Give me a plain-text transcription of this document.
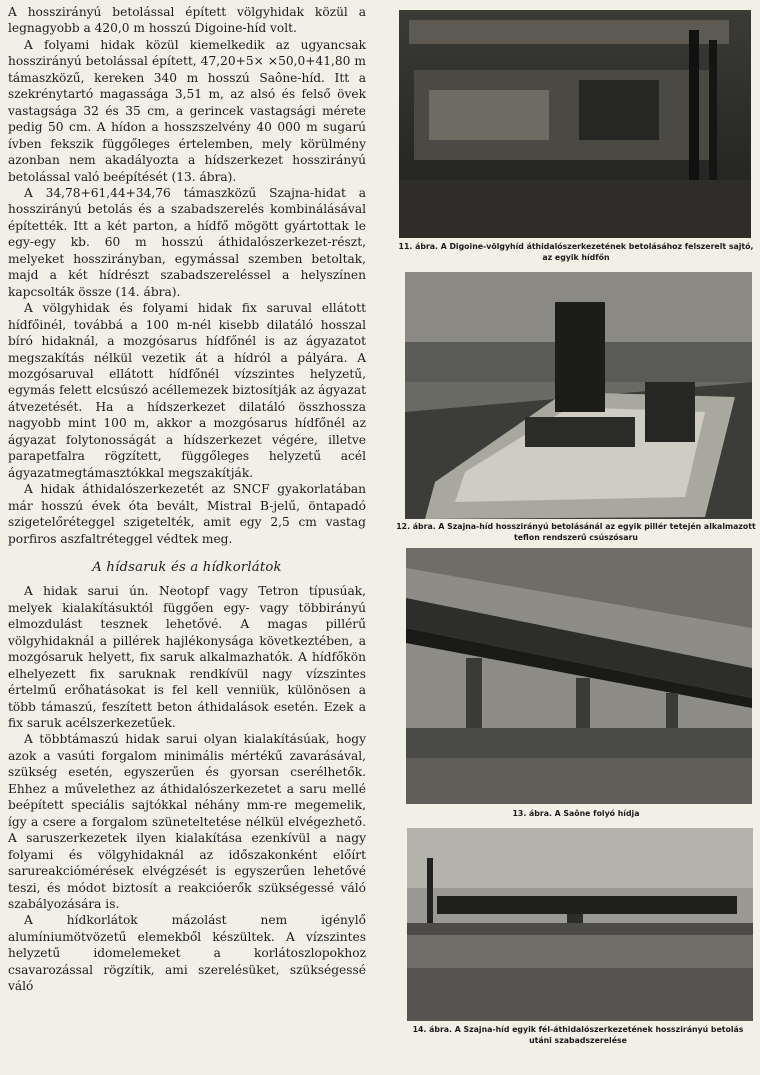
A hosszirányú betolással épített völgyhidak közül a legnagyobb a 420,0 m hosszú Digoine-híd volt.

A folyami hidak közül kiemelkedik az ugyancsak hosszirányú betolással épített, 47,20+5× ×50,0+41,80 m támaszközű, kereken 340 m hosszú Saône-híd. Itt a szekrénytartó magassága 3,51 m, az alsó és felső övek vastagsága 32 és 35 cm, a gerincek vastagsági mérete pedig 50 cm. A hídon a hosszszelvény 40 000 m sugarú ívben fekszik függőleges értelemben, mely körülmény azonban nem akadályozta a hídszerkezet hosszirányú betolással való beépítését (13. ábra).

A 34,78+61,44+34,76 támaszközű Szajna-hidat a hosszirányú betolás és a szabadszerelés kombinálásával építették. Itt a két parton, a hídfő mögött gyártottak le egy-egy kb. 60 m hosszú áthidalószerkezet-részt, melyeket hosszirányban, egymással szemben betoltak, majd a két hídrészt szabadszereléssel a helyszínen kapcsolták össze (14. ábra).

A völgyhidak és folyami hidak fix saruval ellátott hídfőinél, továbbá a 100 m-nél kisebb dilatáló hosszal bíró hidaknál, a mozgósarus hídfőnél is az ágyazatot megszakítás nélkül vezetik át a hídról a pályára. A mozgósaruval ellátott hídfőnél vízszintes helyzetű, egymás felett elcsúszó acéllemezek biztosítják az ágyazat átvezetését. Ha a hídszerkezet dilatáló összhossza nagyobb mint 100 m, akkor a mozgósarus hídfőnél az ágyazat folytonosságát a hídszerkezet végére, illetve parapetfalra rögzített, függőleges helyzetű acél ágyazatmegtámasztókkal megszakítják.

A hidak áthidalószerkezetét az SNCF gyakorlatában már hosszú évek óta bevált, Mistral B-jelű, öntapadó szigetelőréteggel szigetelték, amit egy 2,5 cm vastag porfiros aszfaltréteggel védtek meg.

A hídsaruk és a hídkorlátok

A hidak sarui ún. Neotopf vagy Tetron típusúak, melyek kialakításuktól függően egy- vagy többirányú elmozdulást tesznek lehetővé. A magas pillérű völgyhidaknál a pillérek hajlékonysága következtében, a mozgósaruk helyett, fix saruk alkalmazhatók. A hídfőkön elhelyezett fix saruknak rendkívül nagy vízszintes értelmű erőhatásokat is fel kell venniük, különösen a több támaszú, feszített beton áthidalások esetén. Ezek a fix saruk acélszerkezetűek.

A többtámaszú hidak sarui olyan kialakításúak, hogy azok a vasúti forgalom minimális mértékű zavarásával, szükség esetén, egyszerűen és gyorsan cserélhetők. Ehhez a művelethez az áthidalószerkezetet a saru mellé beépített speciális sajtókkal néhány mm-re megemelik, így a csere a forgalom szüneteltetése nélkül elvégezhető. A saruszerkezetek ilyen kialakítása ezenkívül a nagy folyami és völgyhidaknál az időszakonként előírt sarureakciómérések elvégzését is egyszerűen lehetővé teszi, és módot biztosít a reakcióerők szükségessé váló szabályozására is.

A hídkorlátok mázolást nem igénylő alumíniumötvözetű elemekből készültek. A vízszintes helyzetű idomelemeket a korlátoszlopokhoz csavarozással rögzítik, ami szerelésüket, szükségessé váló

11. ábra. A Digoine-völgyhíd áthidalószerkezetének betolásához felszerelt sajtó, az egyik hídfőn
12. ábra. A Szajna-híd hosszirányú betolásánál az egyik pillér tetején alkalmazott teflon rendszerű csúszósaru
13. ábra. A Saône folyó hídja
14. ábra. A Szajna-híd egyik fél-áthidalószerkezetének hosszirányú betolás utáni szabadszerelése
